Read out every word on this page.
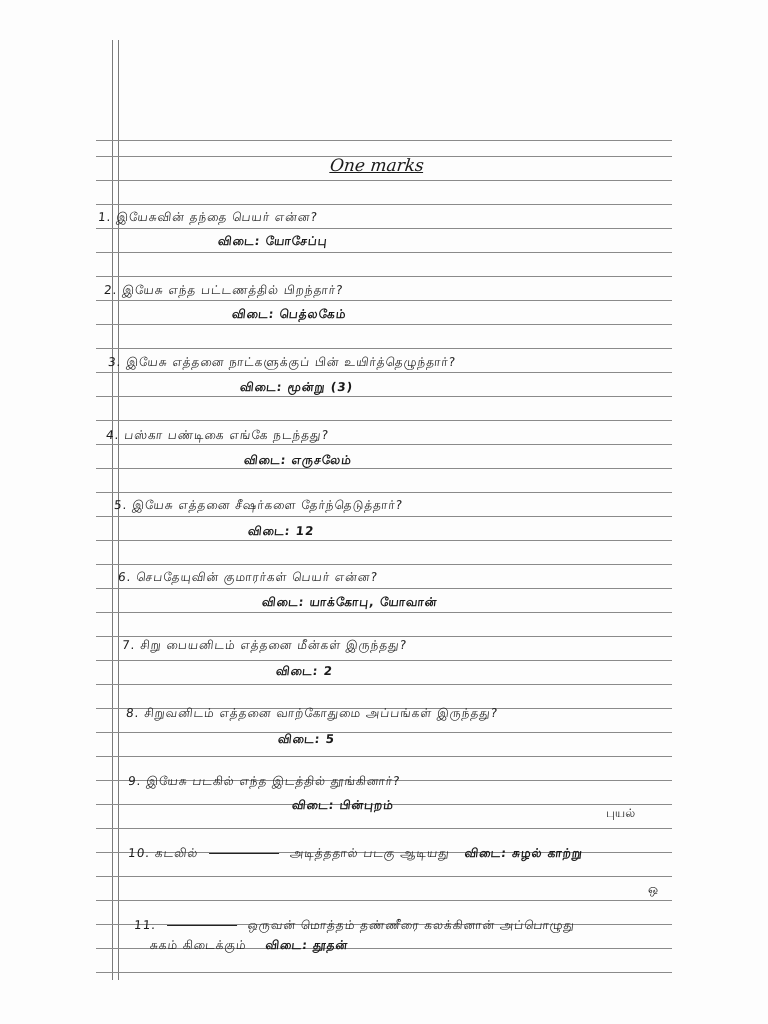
One marks
1. இயேசுவின் தந்தை பெயர் என்ன?
விடை: யோசேப்பு
2. இயேசு எந்த பட்டணத்தில் பிறந்தார்?
விடை: பெத்லகேம்
3. இயேசு எத்தனை நாட்களுக்குப் பின் உயிர்த்தெழுந்தார்?
விடை: மூன்று (3)
4. பஸ்கா பண்டிகை எங்கே நடந்தது?
விடை: எருசலேம்
5. இயேசு எத்தனை சீஷர்களை தேர்ந்தெடுத்தார்?
விடை: 12
6. செபதேயுவின் குமாரர்கள் பெயர் என்ன?
விடை: யாக்கோபு, யோவான்
7. சிறு பையனிடம் எத்தனை மீன்கள் இருந்தது?
விடை: 2
8. சிறுவனிடம் எத்தனை வாற்கோதுமை அப்பங்கள் இருந்தது?
விடை: 5
9. இயேசு படகில் எந்த இடத்தில் தூங்கினார்?
விடை: பின்புறம்
புயல்
10. கடலில்	அடித்ததால் படகு ஆடியது விடை: சுழல் காற்று
ஒ
11.	ஒருவன் மொத்தம் தண்ணீரை கலக்கினான் அப்பொழுது
சுகம் கிடைக்கும் விடை: தூதன்
